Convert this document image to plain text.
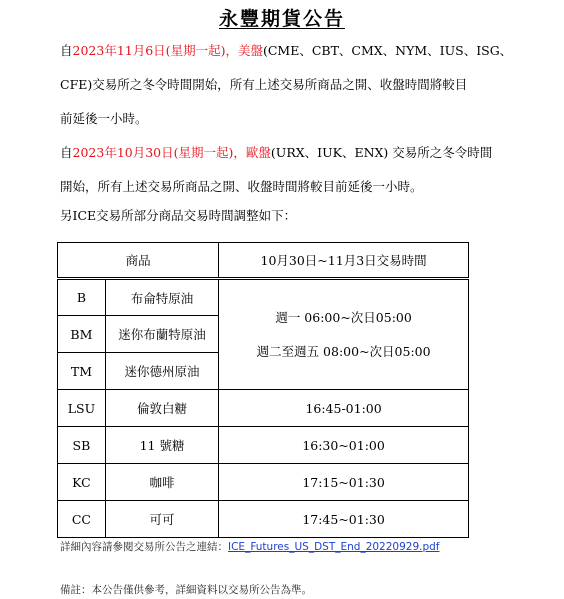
永豐期貨公告
自2023年11月6日(星期一起)，美盤(CME、CBT、CMX、NYM、IUS、ISG、
CFE)交易所之冬令時間開始，所有上述交易所商品之開、收盤時間將較目
前延後一小時。
自2023年10月30日(星期一起)，歐盤(URX、IUK、ENX) 交易所之冬令時間
開始，所有上述交易所商品之開、收盤時間將較目前延後一小時。
另ICE交易所部分商品交易時間調整如下：
商品		10月30日~11月3日交易時間
B	布侖特原油	週一 06:00~次日05:00
週二至週五 08:00~次日05:00

BM	迷你布蘭特原油	
TM	迷你德州原油	
LSU	倫敦白糖	16:45-01:00
SB	11 號糖	16:30~01:00
KC	咖啡	17:15~01:30
CC	可可	17:45~01:30
詳細內容請參閱交易所公告之連結：ICE_Futures_US_DST_End_20220929.pdf
備註：本公告僅供參考，詳細資料以交易所公告為準。
